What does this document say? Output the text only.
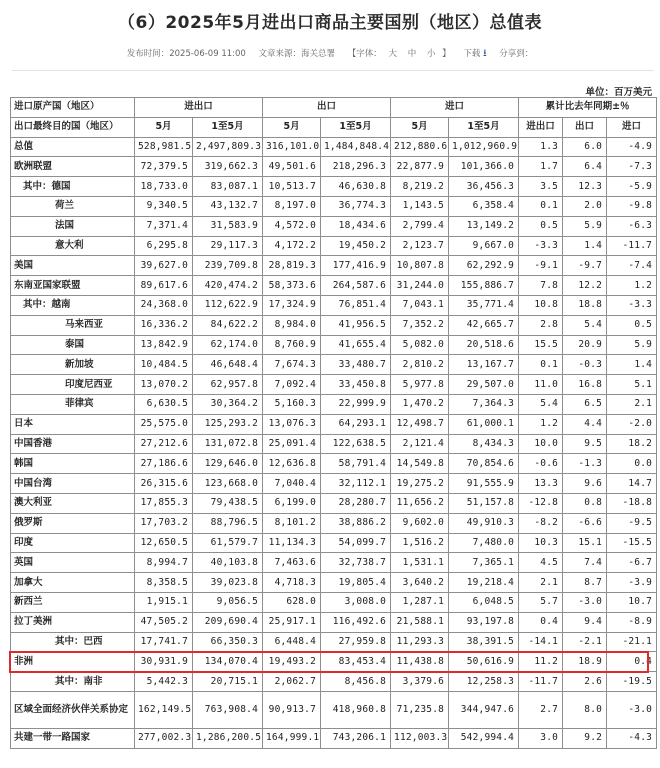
（6）2025年5月进出口商品主要国别（地区）总值表
发布时间：2025-06-09 11:00 文章来源：海关总署 【字体： 大 中 小 】 下载 ⭳ 分享到：
单位：百万美元
进口原产国（地区）	进出口		出口		进口		累计比去年同期±％		
出口最终目的国（地区）	5月	1至5月	5月	1至5月	5月	1至5月	进出口	出口	进口
总值	528,981.5	2,497,809.3	316,101.0	1,484,848.4	212,880.6	1,012,960.9	1.3	6.0	-4.9
欧洲联盟	72,379.5	319,662.3	49,501.6	218,296.3	22,877.9	101,366.0	1.7	6.4	-7.3
其中：德国	18,733.0	83,087.1	10,513.7	46,630.8	8,219.2	36,456.3	3.5	12.3	-5.9
荷兰	9,340.5	43,132.7	8,197.0	36,774.3	1,143.5	6,358.4	0.1	2.0	-9.8
法国	7,371.4	31,583.9	4,572.0	18,434.6	2,799.4	13,149.2	0.5	5.9	-6.3
意大利	6,295.8	29,117.3	4,172.2	19,450.2	2,123.7	9,667.0	-3.3	1.4	-11.7
美国	39,627.0	239,709.8	28,819.3	177,416.9	10,807.8	62,292.9	-9.1	-9.7	-7.4
东南亚国家联盟	89,617.6	420,474.2	58,373.6	264,587.6	31,244.0	155,886.7	7.8	12.2	1.2
其中：越南	24,368.0	112,622.9	17,324.9	76,851.4	7,043.1	35,771.4	10.8	18.8	-3.3
马来西亚	16,336.2	84,622.2	8,984.0	41,956.5	7,352.2	42,665.7	2.8	5.4	0.5
泰国	13,842.9	62,174.0	8,760.9	41,655.4	5,082.0	20,518.6	15.5	20.9	5.9
新加坡	10,484.5	46,648.4	7,674.3	33,480.7	2,810.2	13,167.7	0.1	-0.3	1.4
印度尼西亚	13,070.2	62,957.8	7,092.4	33,450.8	5,977.8	29,507.0	11.0	16.8	5.1
菲律宾	6,630.5	30,364.2	5,160.3	22,999.9	1,470.2	7,364.3	5.4	6.5	2.1
日本	25,575.0	125,293.2	13,076.3	64,293.1	12,498.7	61,000.1	1.2	4.4	-2.0
中国香港	27,212.6	131,072.8	25,091.4	122,638.5	2,121.4	8,434.3	10.0	9.5	18.2
韩国	27,186.6	129,646.0	12,636.8	58,791.4	14,549.8	70,854.6	-0.6	-1.3	0.0
中国台湾	26,315.6	123,668.0	7,040.4	32,112.1	19,275.2	91,555.9	13.3	9.6	14.7
澳大利亚	17,855.3	79,438.5	6,199.0	28,280.7	11,656.2	51,157.8	-12.8	0.8	-18.8
俄罗斯	17,703.2	88,796.5	8,101.2	38,886.2	9,602.0	49,910.3	-8.2	-6.6	-9.5
印度	12,650.5	61,579.7	11,134.3	54,099.7	1,516.2	7,480.0	10.3	15.1	-15.5
英国	8,994.7	40,103.8	7,463.6	32,738.7	1,531.1	7,365.1	4.5	7.4	-6.7
加拿大	8,358.5	39,023.8	4,718.3	19,805.4	3,640.2	19,218.4	2.1	8.7	-3.9
新西兰	1,915.1	9,056.5	628.0	3,008.0	1,287.1	6,048.5	5.7	-3.0	10.7
拉丁美洲	47,505.2	209,690.4	25,917.1	116,492.6	21,588.1	93,197.8	0.4	9.4	-8.9
其中：巴西	17,741.7	66,350.3	6,448.4	27,959.8	11,293.3	38,391.5	-14.1	-2.1	-21.1
非洲	30,931.9	134,070.4	19,493.2	83,453.4	11,438.8	50,616.9	11.2	18.9	0.4
其中：南非	5,442.3	20,715.1	2,062.7	8,456.8	3,379.6	12,258.3	-11.7	2.6	-19.5
区域全面经济伙伴关系协定	162,149.5	763,908.4	90,913.7	418,960.8	71,235.8	344,947.6	2.7	8.0	-3.0
共建一带一路国家	277,002.3	1,286,200.5	164,999.1	743,206.1	112,003.3	542,994.4	3.0	9.2	-4.3
